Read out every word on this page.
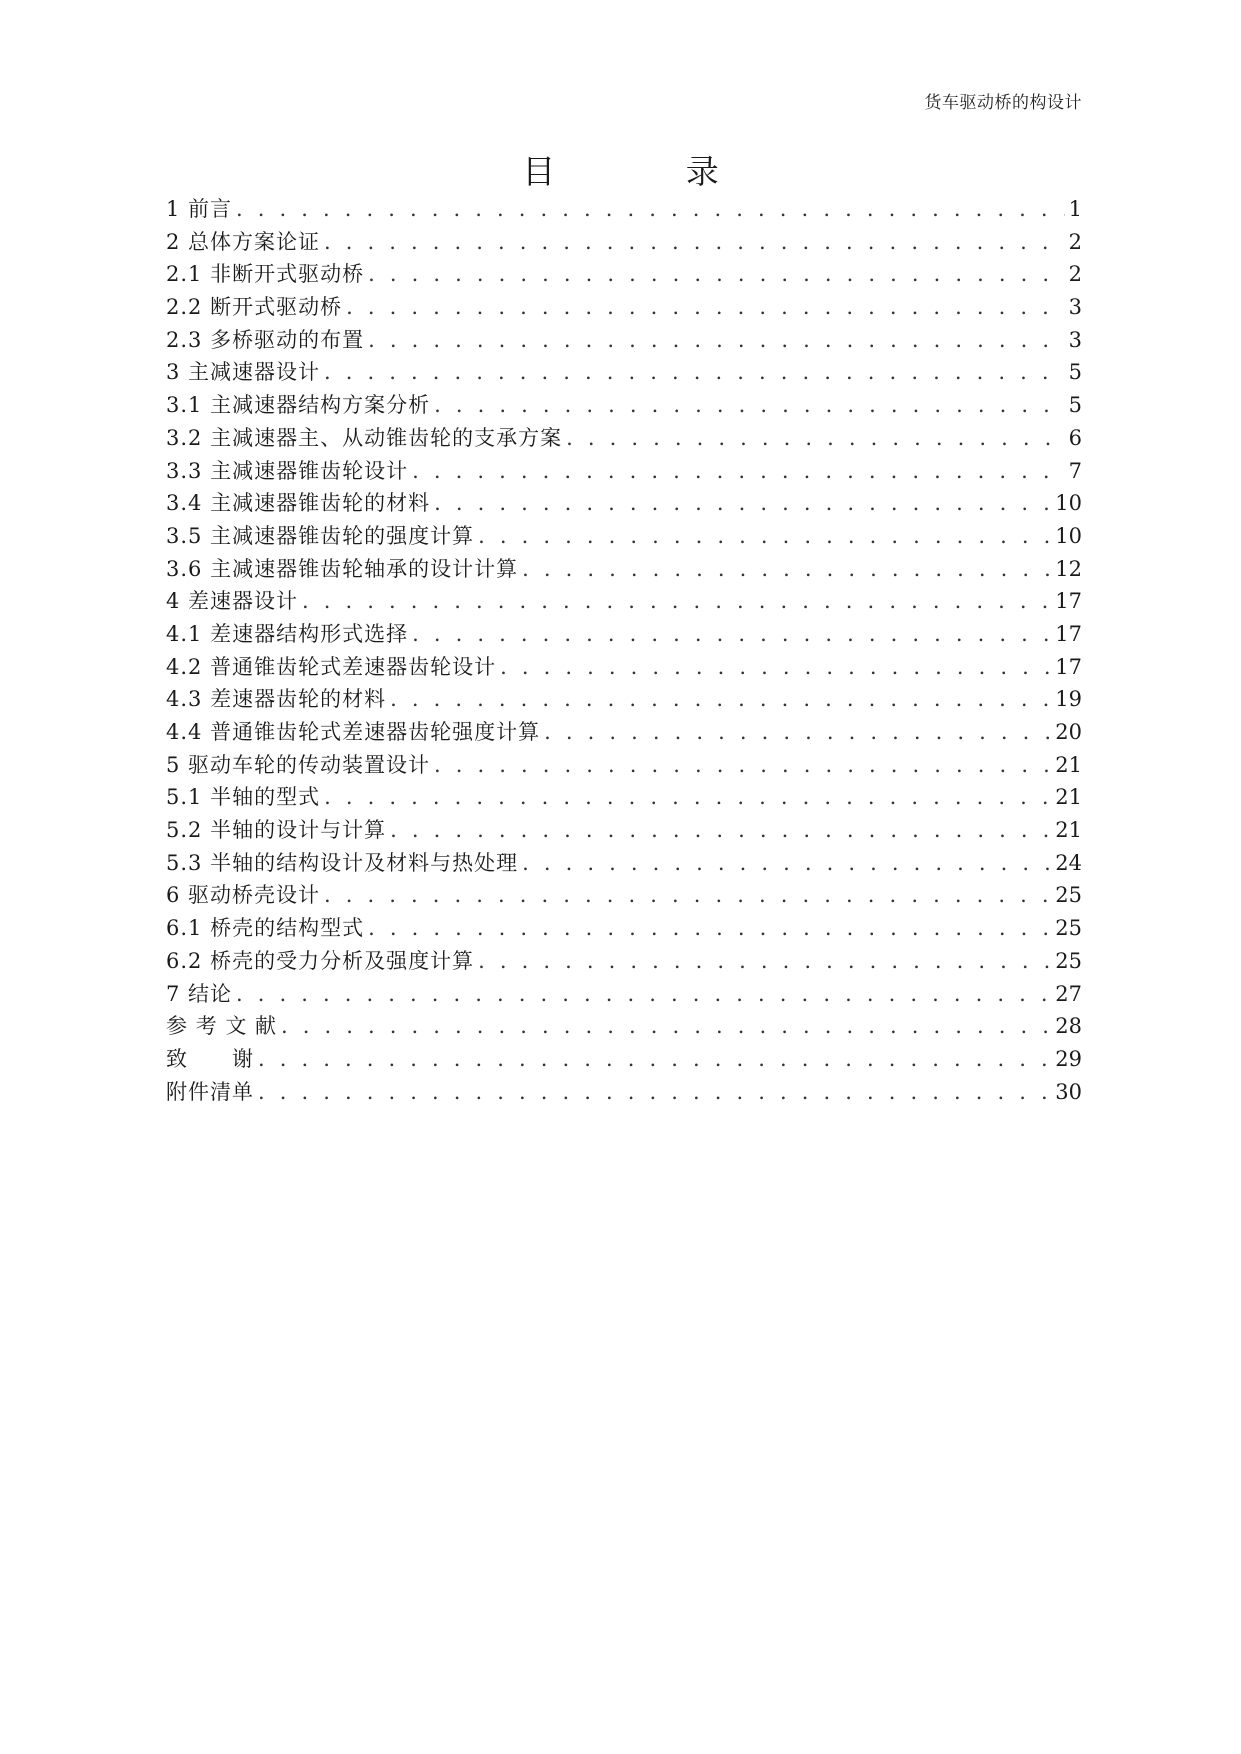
货车驱动桥的构设计
目 录
1 前言 . . .	1
2 总体方案论证 . . .	2
2.1 非断开式驱动桥 . . .	2
2.2 断开式驱动桥 . . .	3
2.3 多桥驱动的布置 . . .	3
3 主减速器设计 . . .	5
3.1 主减速器结构方案分析 . . .	5
3.2 主减速器主、从动锥齿轮的支承方案 . . .	6
3.3 主减速器锥齿轮设计 . . .	7
3.4 主减速器锥齿轮的材料 . . .	10
3.5 主减速器锥齿轮的强度计算 . . .	10
3.6 主减速器锥齿轮轴承的设计计算 . . .	12
4 差速器设计 . . .	17
4.1 差速器结构形式选择 . . .	17
4.2 普通锥齿轮式差速器齿轮设计 . . .	17
4.3 差速器齿轮的材料 . . .	19
4.4 普通锥齿轮式差速器齿轮强度计算 . . .	20
5 驱动车轮的传动装置设计 . . .	21
5.1 半轴的型式 . . .	21
5.2 半轴的设计与计算 . . .	21
5.3 半轴的结构设计及材料与热处理 . . .	24
6 驱动桥壳设计 . . .	25
6.1 桥壳的结构型式 . . .	25
6.2 桥壳的受力分析及强度计算 . . .	25
7 结论 . . .	27
参 考 文 献 . . .	28
致　　谢 . . .	29
附件清单 . . .	30
